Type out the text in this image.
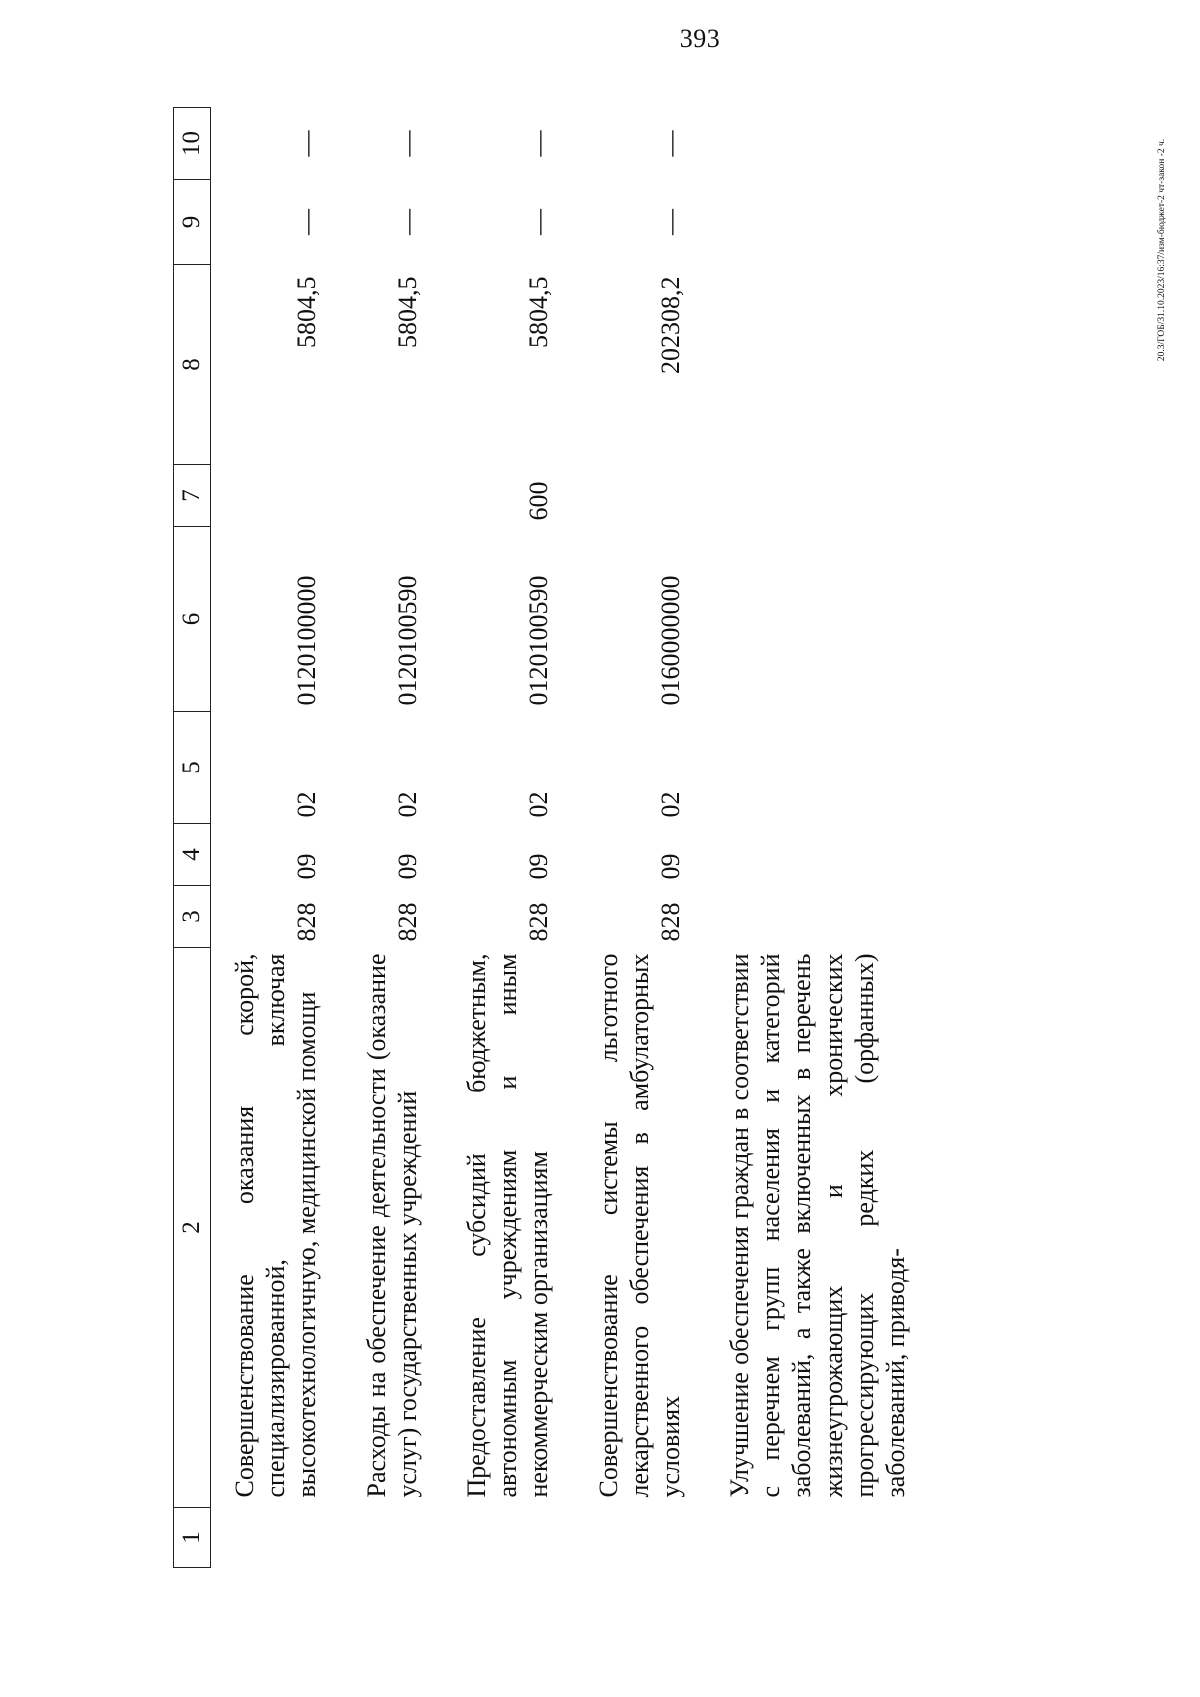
393
20.3/ГОБ/31.10.2023/16:37/изм-бюджет-2 чт-закон -2 ч.
1	2	3	4	5	6	7	8	9	10
	Совершенствование оказания скорой, специализированной, включая высокотехнологичную, медицинской помощи	828	09	02	0120100000		5804,5	—	—
	Расходы на обеспечение деятельности (оказание услуг) государственных учреждений	828	09	02	0120100590		5804,5	—	—
	Предоставление субсидий бюджетным, автономным учреждениям и иным некоммерческим организациям	828	09	02	0120100590	600	5804,5	—	—
	Совершенствование системы льготного лекарственного обеспечения в амбулаторных условиях	828	09	02	0160000000		202308,2	—	—
	Улучшение обеспечения граждан в соответствии с перечнем групп населения и категорий заболеваний, а также включенных в перечень жизнеугрожающих и хронических прогрессирующих редких (орфанных) заболеваний, приводя-								
